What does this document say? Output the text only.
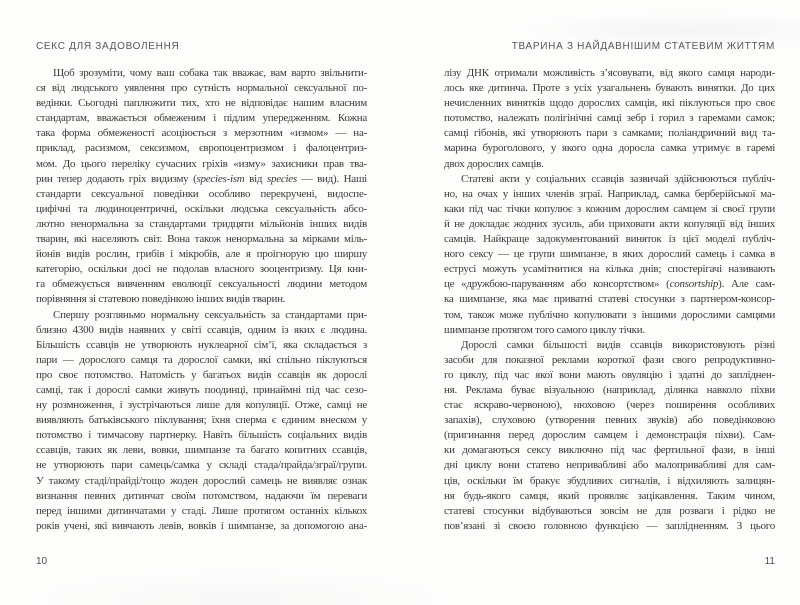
СЕКС ДЛЯ ЗАДОВОЛЕННЯ
Щоб зрозуміти, чому ваш собака так вважає, вам варто звільнити-
ся від людського уявлення про сутність нормальної сексуальної по-
ведінки. Сьогодні паплюжити тих, хто не відповідає нашим власним
стандартам, вважається обмеженим і підлим упередженням. Кожна
така форма обмеженості асоціюється з мерзотним «измом» — на-
приклад, расизмом, сексизмом, європоцентризмом і фалоцентриз-
мом. До цього переліку сучасних гріхів «изму» захисники прав тва-
рин тепер додають гріх видизму (species-ism від species — вид). Наші
стандарти сексуальної поведінки особливо перекручені, видоспе-
цифічні та людиноцентричні, оскільки людська сексуальність абсо-
лютно ненормальна за стандартами тридцяти мільйонів інших видів
тварин, які населяють світ. Вона також ненормальна за мірками міль-
йонів видів рослин, грибів і мікробів, але я проігнорую цю ширшу
категорію, оскільки досі не подолав власного зооцентризму. Ця кни-
га обмежується вивченням еволюції сексуальності людини методом
порівняння зі статевою поведінкою інших видів тварин.
Спершу розгляньмо нормальну сексуальність за стандартами при-
близно 4300 видів наявних у світі ссавців, одним із яких є людина.
Більшість ссавців не утворюють нуклеарної сім’ї, яка складається з
пари — дорослого самця та дорослої самки, які спільно піклуються
про своє потомство. Натомість у багатьох видів ссавців як дорослі
самці, так і дорослі самки живуть поодинці, принаймні під час сезо-
ну розмноження, і зустрічаються лише для копуляції. Отже, самці не
виявляють батьківського піклування; їхня сперма є єдиним внеском у
потомство і тимчасову партнерку. Навіть більшість соціальних видів
ссавців, таких як леви, вовки, шимпанзе та багато копитних ссавців,
не утворюють пари самець/самка у складі стада/прайда/зграї/групи.
У такому стаді/прайді/тощо жоден дорослий самець не виявляє ознак
визнання певних дитинчат своїм потомством, надаючи їм переваги
перед іншими дитинчатами у стаді. Лише протягом останніх кількох
років учені, які вивчають левів, вовків і шимпанзе, за допомогою ана-
ТВАРИНА З НАЙДАВНІШИМ СТАТЕВИМ ЖИТТЯМ
лізу ДНК отримали можливість з’ясовувати, від якого самця народи-
лось яке дитинча. Проте з усіх узагальнень бувають винятки. До цих
нечисленних винятків щодо дорослих самців, які піклуються про своє
потомство, належать полігінічні самці зебр і горил з гаремами самок;
самці гібонів, які утворюють пари з самками; поліандричний вид та-
марина буроголового, у якого одна доросла самка утримує в гаремі
двох дорослих самців.
Статеві акти у соціальних ссавців зазвичай здійснюються публіч-
но, на очах у інших членів зграї. Наприклад, самка берберійської ма-
каки під час тічки копулює з кожним дорослим самцем зі своєї групи
й не докладає жодних зусиль, аби приховати акти копуляції від інших
самців. Найкраще задокументований виняток із цієї моделі публіч-
ного сексу — це групи шимпанзе, в яких дорослий самець і самка в
еструсі можуть усамітнитися на кілька днів; спостерігачі називають
це «дружбою-паруванням або консортством» (consortship). Але сам-
ка шимпанзе, яка має приватні статеві стосунки з партнером-консор-
том, також може публічно копулювати з іншими дорослими самцями
шимпанзе протягом того самого циклу тічки.
Дорослі самки більшості видів ссавців використовують різні
засоби для показної реклами короткої фази свого репродуктивно-
го циклу, під час якої вони мають овуляцію і здатні до запліднен-
ня. Реклама буває візуальною (наприклад, ділянка навколо піхви
стає яскраво-червоною), нюховою (через поширення особливих
запахів), слуховою (утворення певних звуків) або поведінковою
(пригинання перед дорослим самцем і демонстрація піхви). Сам-
ки домагаються сексу виключно під час фертильної фази, в інші
дні циклу вони статево непривабливі або малопривабливі для сам-
ців, оскільки їм бракує збудливих сигналів, і відхиляють залицян-
ня будь-якого самця, який проявляє зацікавлення. Таким чином,
статеві стосунки відбуваються зовсім не для розваги і рідко не
пов’язані зі своєю головною функцією — заплідненням. З цього
10	11
